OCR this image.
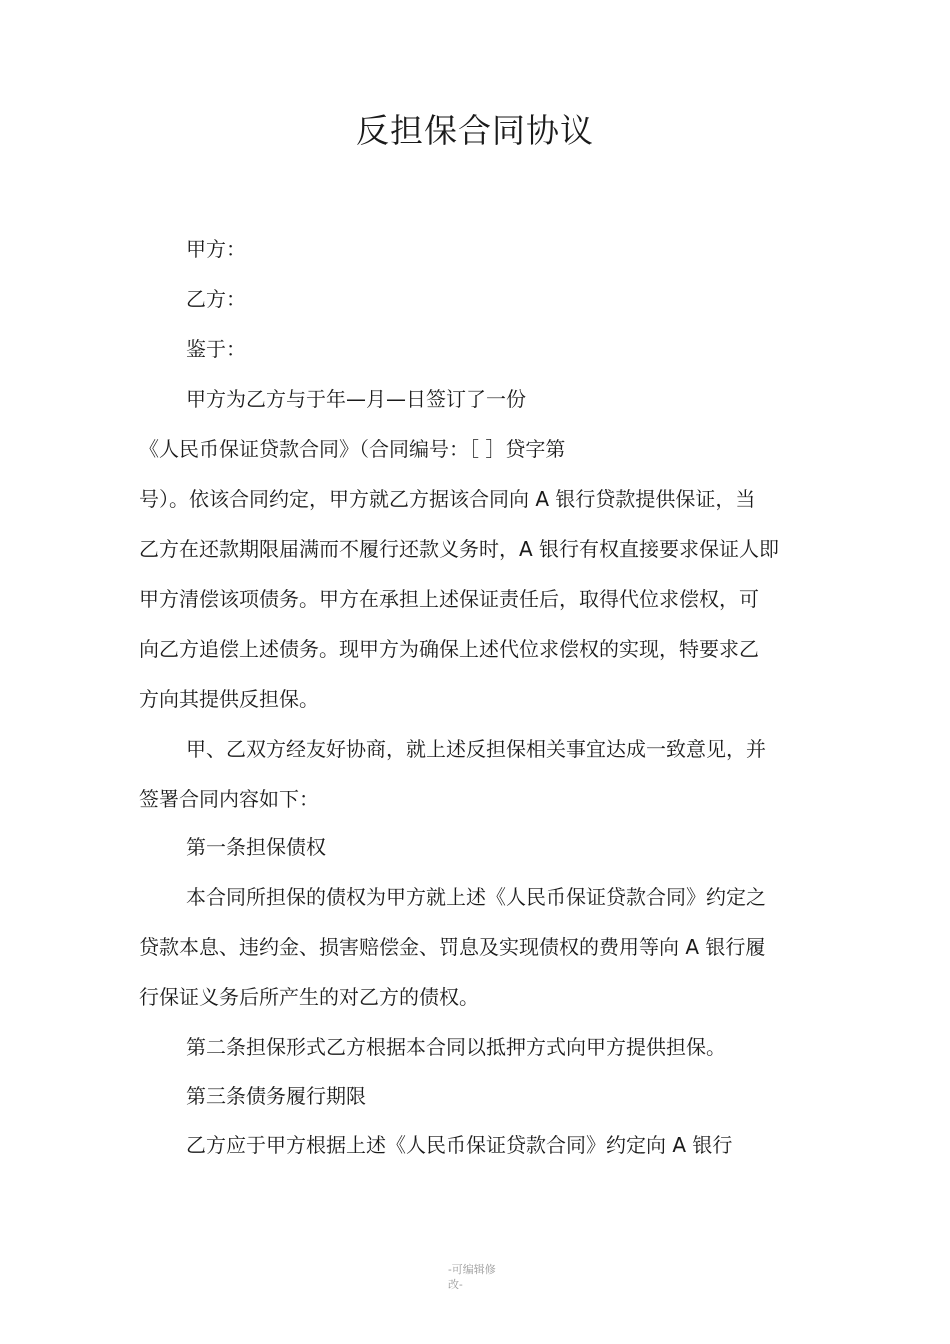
反担保合同协议

甲方：

乙方：

鉴于：

甲方为乙方与于年—月—日签订了一份

《人民币保证贷款合同》（合同编号：［ ］贷字第

号）。依该合同约定，甲方就乙方据该合同向 A 银行贷款提供保证，当

乙方在还款期限届满而不履行还款义务时，A 银行有权直接要求保证人即

甲方清偿该项债务。甲方在承担上述保证责任后，取得代位求偿权，可

向乙方追偿上述债务。现甲方为确保上述代位求偿权的实现，特要求乙

方向其提供反担保。

甲、乙双方经友好协商，就上述反担保相关事宜达成一致意见，并

签署合同内容如下：

第一条担保债权

本合同所担保的债权为甲方就上述《人民币保证贷款合同》约定之

贷款本息、违约金、损害赔偿金、罚息及实现债权的费用等向 A 银行履

行保证义务后所产生的对乙方的债权。

第二条担保形式乙方根据本合同以抵押方式向甲方提供担保。

第三条债务履行期限

乙方应于甲方根据上述《人民币保证贷款合同》约定向 A 银行

-可编辑修改-
